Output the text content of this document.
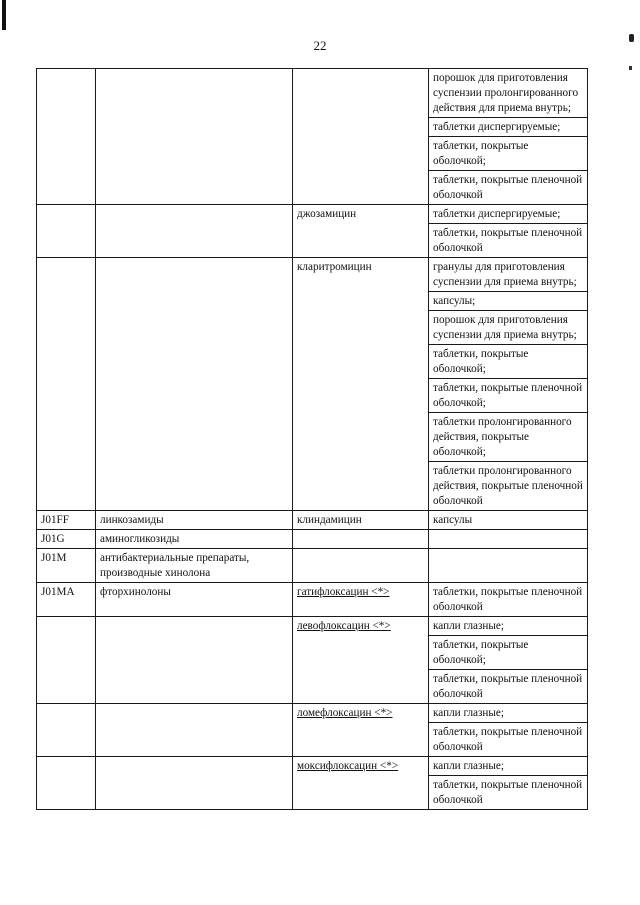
22
			порошок для приготовления суспензии пролонгированного действия для приема внутрь;
			таблетки диспергируемые;
			таблетки, покрытые оболочкой;
			таблетки, покрытые пленочной оболочкой
		джозамицин	таблетки диспергируемые;
			таблетки, покрытые пленочной оболочкой
		кларитромицин	гранулы для приготовления суспензии для приема внутрь;
			капсулы;
			порошок для приготовления суспензии для приема внутрь;
			таблетки, покрытые оболочкой;
			таблетки, покрытые пленочной оболочкой;
			таблетки пролонгированного действия, покрытые оболочкой;
			таблетки пролонгированного действия, покрытые пленочной оболочкой
J01FF	линкозамиды	клиндамицин	капсулы
J01G	аминогликозиды		
J01M	антибактериальные препараты, производные хинолона		
J01MA	фторхинолоны	гатифлоксацин <*>	таблетки, покрытые пленочной оболочкой
		левофлоксацин <*>	капли глазные;
			таблетки, покрытые оболочкой;
			таблетки, покрытые пленочной оболочкой
		ломефлоксацин <*>	капли глазные;
			таблетки, покрытые пленочной оболочкой
		моксифлоксацин <*>	капли глазные;
			таблетки, покрытые пленочной оболочкой
